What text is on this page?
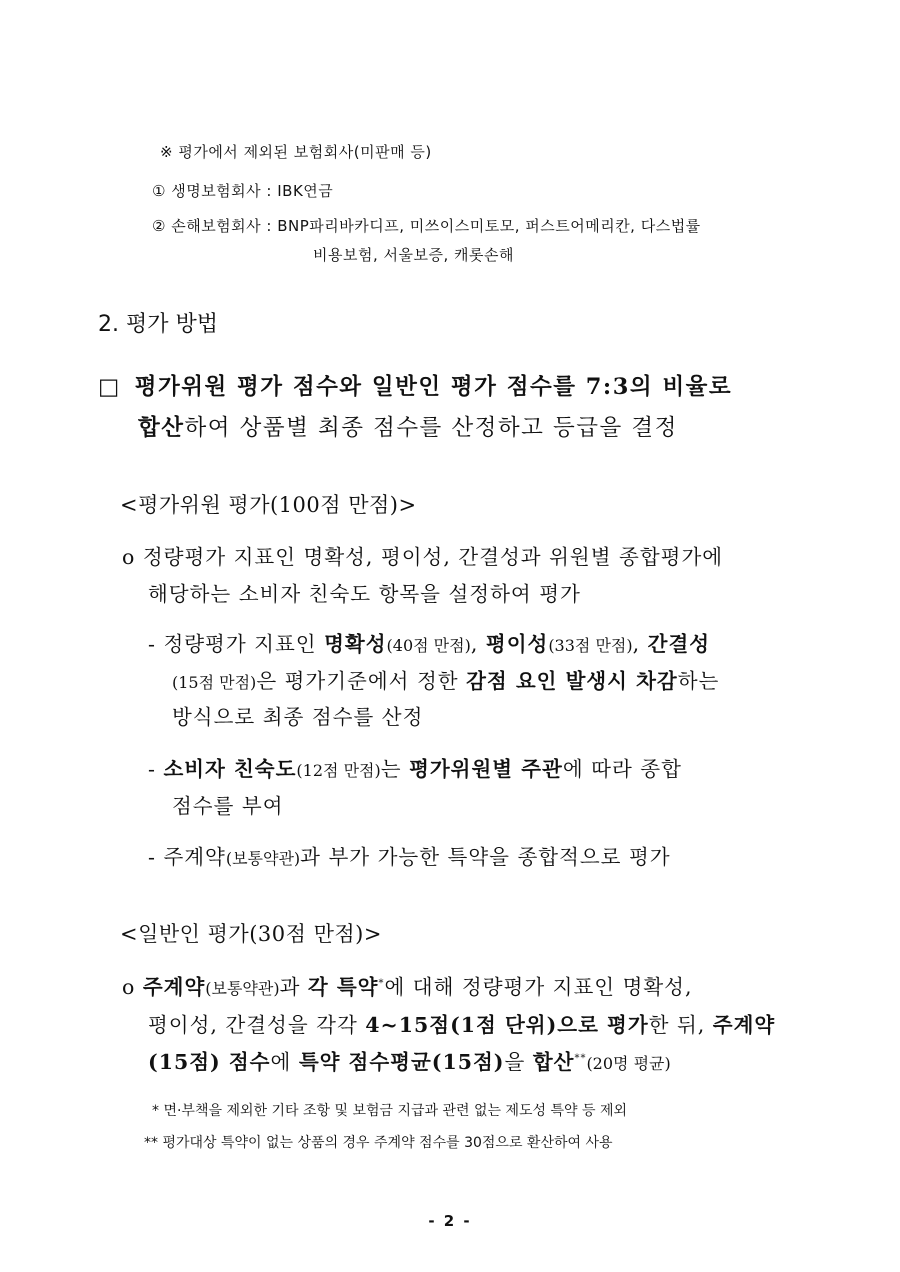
※ 평가에서 제외된 보험회사(미판매 등)
① 생명보험회사 : IBK연금
② 손해보험회사 : BNP파리바카디프, 미쓰이스미토모, 퍼스트어메리칸, 다스법률
비용보험, 서울보증, 캐롯손해
2. 평가 방법
□ 평가위원 평가 점수와 일반인 평가 점수를 7:3의 비율로
합산하여 상품별 최종 점수를 산정하고 등급을 결정
<평가위원 평가(100점 만점)>
o 정량평가 지표인 명확성, 평이성, 간결성과 위원별 종합평가에
해당하는 소비자 친숙도 항목을 설정하여 평가
- 정량평가 지표인 명확성(40점 만점), 평이성(33점 만점), 간결성
(15점 만점)은 평가기준에서 정한 감점 요인 발생시 차감하는
방식으로 최종 점수를 산정
- 소비자 친숙도(12점 만점)는 평가위원별 주관에 따라 종합
점수를 부여
- 주계약(보통약관)과 부가 가능한 특약을 종합적으로 평가
<일반인 평가(30점 만점)>
o 주계약(보통약관)과 각 특약*에 대해 정량평가 지표인 명확성,
평이성, 간결성을 각각 4~15점(1점 단위)으로 평가한 뒤, 주계약
(15점) 점수에 특약 점수평균(15점)을 합산**(20명 평균)
* 면·부책을 제외한 기타 조항 및 보험금 지급과 관련 없는 제도성 특약 등 제외
** 평가대상 특약이 없는 상품의 경우 주계약 점수를 30점으로 환산하여 사용
- 2 -
